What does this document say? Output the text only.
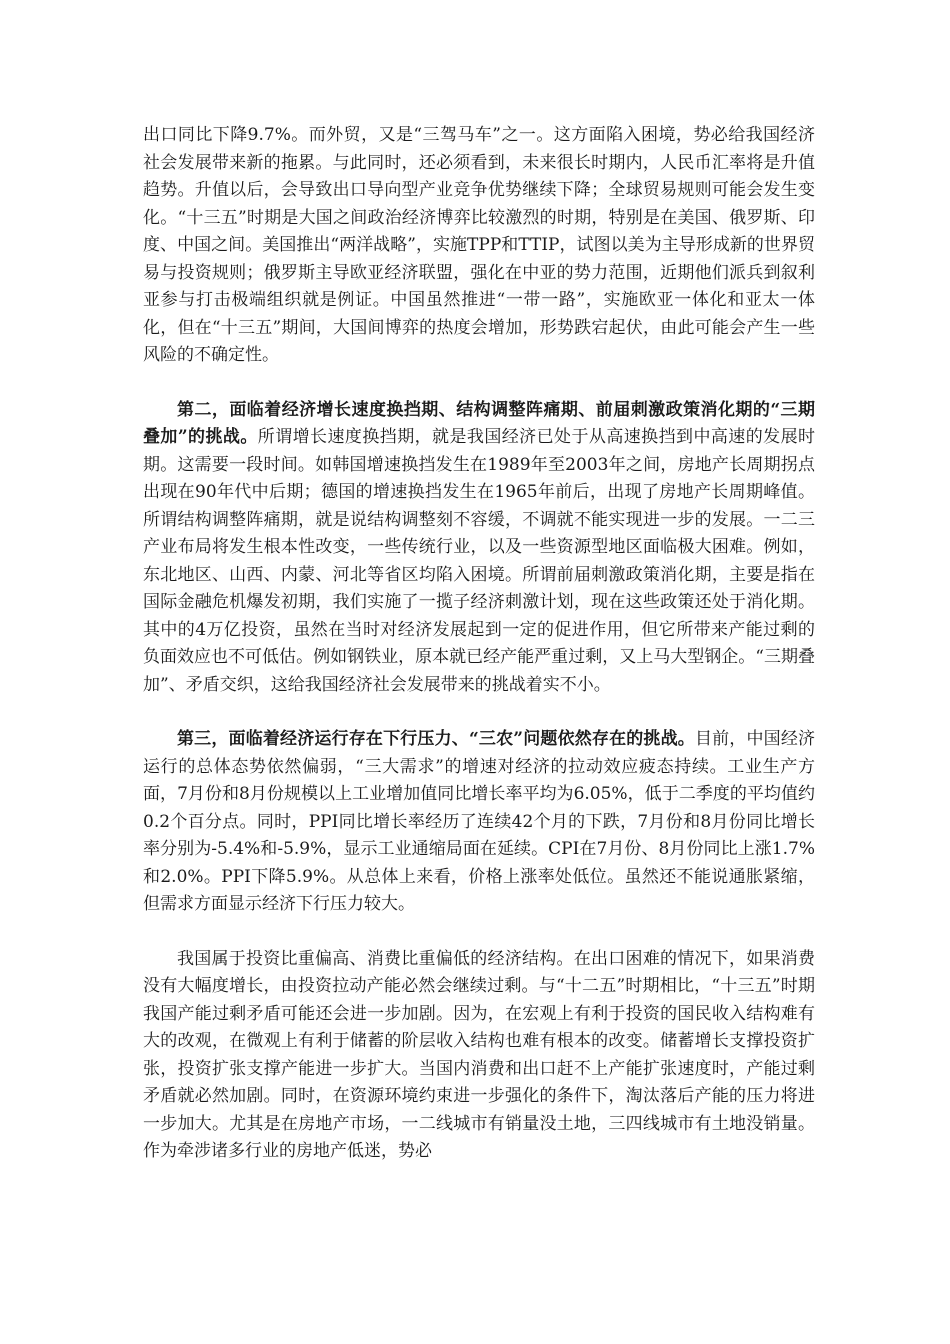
出口同比下降9.7%。而外贸，又是“三驾马车”之一。这方面陷入困境，势必给我国经济社会发展带来新的拖累。与此同时，还必须看到，未来很长时期内，人民币汇率将是升值趋势。升值以后，会导致出口导向型产业竞争优势继续下降；全球贸易规则可能会发生变化。“十三五”时期是大国之间政治经济博弈比较激烈的时期，特别是在美国、俄罗斯、印度、中国之间。美国推出“两洋战略”，实施TPP和TTIP，试图以美为主导形成新的世界贸易与投资规则；俄罗斯主导欧亚经济联盟，强化在中亚的势力范围，近期他们派兵到叙利亚参与打击极端组织就是例证。中国虽然推进“一带一路”，实施欧亚一体化和亚太一体化，但在“十三五”期间，大国间博弈的热度会增加，形势跌宕起伏，由此可能会产生一些风险的不确定性。

第二，面临着经济增长速度换挡期、结构调整阵痛期、前届刺激政策消化期的“三期叠加”的挑战。所谓增长速度换挡期，就是我国经济已处于从高速换挡到中高速的发展时期。这需要一段时间。如韩国增速换挡发生在1989年至2003年之间，房地产长周期拐点出现在90年代中后期；德国的增速换挡发生在1965年前后，出现了房地产长周期峰值。所谓结构调整阵痛期，就是说结构调整刻不容缓，不调就不能实现进一步的发展。一二三产业布局将发生根本性改变，一些传统行业，以及一些资源型地区面临极大困难。例如，东北地区、山西、内蒙、河北等省区均陷入困境。所谓前届刺激政策消化期，主要是指在国际金融危机爆发初期，我们实施了一揽子经济刺激计划，现在这些政策还处于消化期。其中的4万亿投资，虽然在当时对经济发展起到一定的促进作用，但它所带来产能过剩的负面效应也不可低估。例如钢铁业，原本就已经产能严重过剩，又上马大型钢企。“三期叠加”、矛盾交织，这给我国经济社会发展带来的挑战着实不小。

第三，面临着经济运行存在下行压力、“三农”问题依然存在的挑战。目前，中国经济运行的总体态势依然偏弱，“三大需求”的增速对经济的拉动效应疲态持续。工业生产方面，7月份和8月份规模以上工业增加值同比增长率平均为6.05%，低于二季度的平均值约0.2个百分点。同时，PPI同比增长率经历了连续42个月的下跌，7月份和8月份同比增长率分别为-5.4%和-5.9%，显示工业通缩局面在延续。CPI在7月份、8月份同比上涨1.7%和2.0%。PPI下降5.9%。从总体上来看，价格上涨率处低位。虽然还不能说通胀紧缩，但需求方面显示经济下行压力较大。

我国属于投资比重偏高、消费比重偏低的经济结构。在出口困难的情况下，如果消费没有大幅度增长，由投资拉动产能必然会继续过剩。与“十二五”时期相比，“十三五”时期我国产能过剩矛盾可能还会进一步加剧。因为，在宏观上有利于投资的国民收入结构难有大的改观，在微观上有利于储蓄的阶层收入结构也难有根本的改变。储蓄增长支撑投资扩张，投资扩张支撑产能进一步扩大。当国内消费和出口赶不上产能扩张速度时，产能过剩矛盾就必然加剧。同时，在资源环境约束进一步强化的条件下，淘汰落后产能的压力将进一步加大。尤其是在房地产市场，一二线城市有销量没土地，三四线城市有土地没销量。作为牵涉诸多行业的房地产低迷，势必
